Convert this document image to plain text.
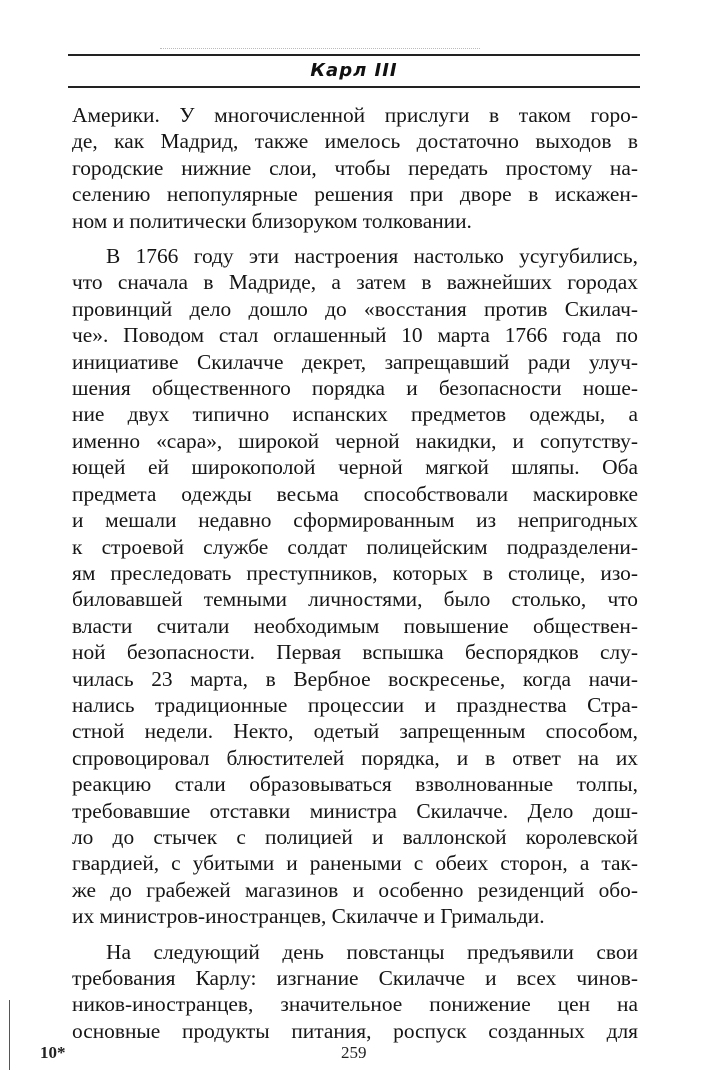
Карл III
Америки. У многочисленной прислуги в таком горо-
де, как Мадрид, также имелось достаточно выходов в
городские нижние слои, чтобы передать простому на-
селению непопулярные решения при дворе в искажен-
ном и политически близоруком толковании.
В 1766 году эти настроения настолько усугубились,
что сначала в Мадриде, а затем в важнейших городах
провинций дело дошло до «восстания против Скилач-
че». Поводом стал оглашенный 10 марта 1766 года по
инициативе Скилачче декрет, запрещавший ради улуч-
шения общественного порядка и безопасности ноше-
ние двух типично испанских предметов одежды, а
именно «сара», широкой черной накидки, и сопутству-
ющей ей широкополой черной мягкой шляпы. Оба
предмета одежды весьма способствовали маскировке
и мешали недавно сформированным из непригодных
к строевой службе солдат полицейским подразделени-
ям преследовать преступников, которых в столице, изо-
биловавшей темными личностями, было столько, что
власти считали необходимым повышение обществен-
ной безопасности. Первая вспышка беспорядков слу-
чилась 23 марта, в Вербное воскресенье, когда начи-
нались традиционные процессии и празднества Стра-
стной недели. Некто, одетый запрещенным способом,
спровоцировал блюстителей порядка, и в ответ на их
реакцию стали образовываться взволнованные толпы,
требовавшие отставки министра Скилачче. Дело дош-
ло до стычек с полицией и валлонской королевской
гвардией, с убитыми и ранеными с обеих сторон, а так-
же до грабежей магазинов и особенно резиденций обо-
их министров-иностранцев, Скилачче и Гримальди.
На следующий день повстанцы предъявили свои
требования Карлу: изгнание Скилачче и всех чинов-
ников-иностранцев, значительное понижение цен на
основные продукты питания, роспуск созданных для
10*	259
